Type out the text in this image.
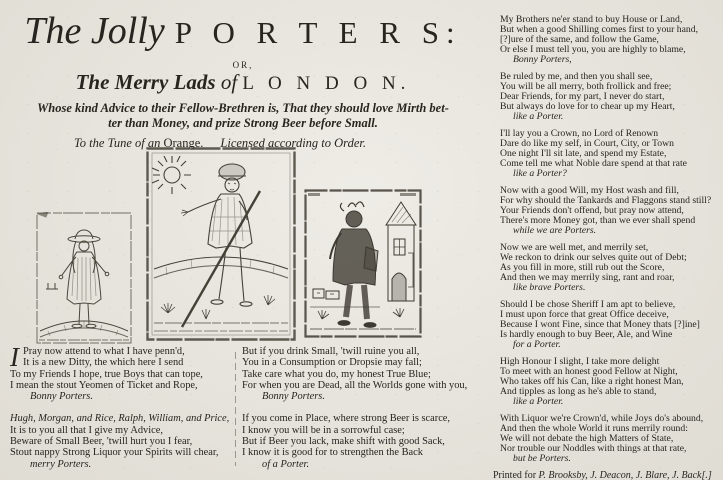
The Jolly P O R T E R S:
OR,
The Merry Lads of L O N D O N.
Whose kind Advice to their Fellow-Brethren is, That they should love Mirth bet-
ter than Money, and prize Strong Beer before Small.
To the Tune of an Orange. Licensed according to Order.
I Pray now attend to what I have penn'd,
It is a new Ditty, the which here I send
To my Friends I hope, true Boys that can tope,
I mean the stout Yeomen of Ticket and Rope,
Bonny Porters.
Hugh, Morgan, and Rice, Ralph, William, and Price,
It is to you all that I give my Advice,
Beware of Small Beer, 'twill hurt you I fear,
Stout nappy Strong Liquor your Spirits will chear,
merry Porters.
But if you drink Small, 'twill ruine you all,
You in a Consumption or Dropsie may fall;
Take care what you do, my honest True Blue;
For when you are Dead, all the Worlds gone with you,
Bonny Porters.
If you come in Place, where strong Beer is scarce,
I know you will be in a sorrowful case;
But if Beer you lack, make shift with good Sack,
I know it is good for to strengthen the Back
of a Porter.
My Brothers ne'er stand to buy House or Land,
But when a good Shilling comes first to your hand,
[?]ure of the same, and follow the Game,
Or else I must tell you, you are highly to blame,
Bonny Porters,
Be ruled by me, and then you shall see,
You will be all merry, both frollick and free;
Dear Friends, for my part, I never do start,
But always do love for to chear up my Heart,
like a Porter.
I'll lay you a Crown, no Lord of Renown
Dare do like my self, in Court, City, or Town
One night I'll sit late, and spend my Estate,
Come tell me what Noble dare spend at that rate
like a Porter?
Now with a good Will, my Host wash and fill,
For why should the Tankards and Flaggons stand still?
Your Friends don't offend, but pray now attend,
There's more Money got, than we ever shall spend
while we are Porters.
Now we are well met, and merrily set,
We reckon to drink our selves quite out of Debt;
As you fill in more, still rub out the Score,
And then we may merrily sing, rant and roar,
like brave Porters.
Should I be chose Sheriff I am apt to believe,
I must upon force that great Office deceive,
Because I wont Fine, since that Money thats [?]ine]
Is hardly enough to buy Beer, Ale, and Wine
for a Porter.
High Honour I slight, I take more delight
To meet with an honest good Fellow at Night,
Who takes off his Can, like a right honest Man,
And tipples as long as he's able to stand,
like a Porter.
With Liquor we're Crown'd, while Joys do's abound,
And then the whole World it runs merrily round:
We will not debate the high Matters of State,
Nor trouble our Noddles with things at that rate,
but be Porters.
Printed for P. Brooksby, J. Deacon, J. Blare, J. Back[.]
